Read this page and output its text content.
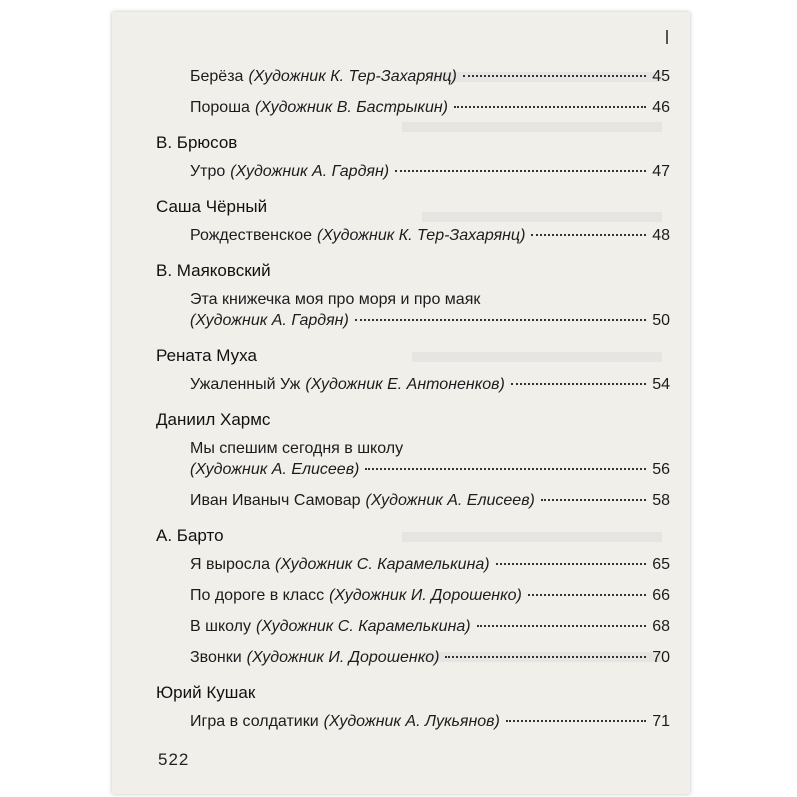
Берёза (Художник К. Тер-Захарянц)	45
Пороша (Художник В. Бастрыкин)	46
В. Брюсов
Утро (Художник А. Гардян)	47
Саша Чёрный
Рождественское (Художник К. Тер-Захарянц)	48
В. Маяковский
Эта книжечка моя про моря и про маяк
(Художник А. Гардян)	50
Рената Муха
Ужаленный Уж (Художник Е. Антоненков)	54
Даниил Хармс
Мы спешим сегодня в школу
(Художник А. Елисеев)	56
Иван Иваныч Самовар (Художник А. Елисеев)	58
А. Барто
Я выросла (Художник С. Карамелькина)	65
По дороге в класс (Художник И. Дорошенко)	66
В школу (Художник С. Карамелькина)	68
Звонки (Художник И. Дорошенко)	70
Юрий Кушак
Игра в солдатики (Художник А. Лукьянов)	71
522
